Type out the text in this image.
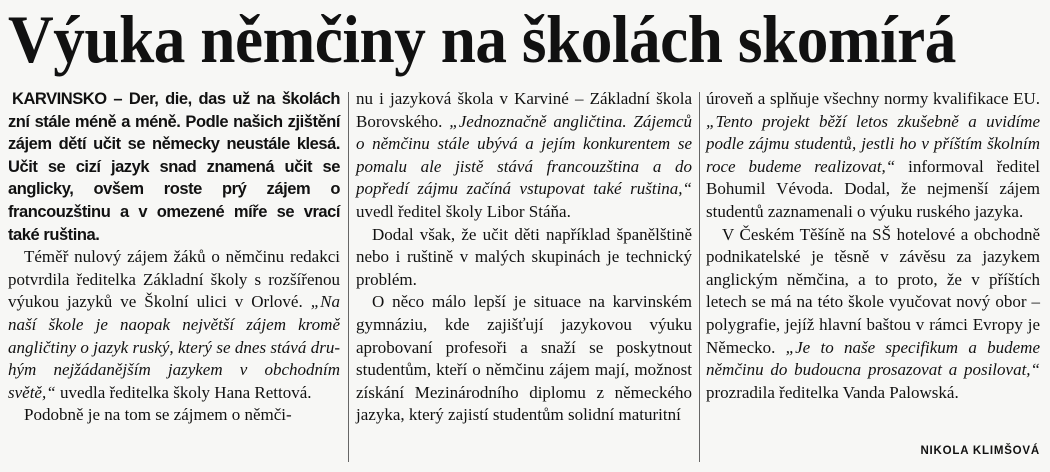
Výuka němčiny na školách skomírá

KARVINSKO – Der, die, das už na školách zní stále méně a méně. Podle našich zjištění zájem dětí učit se německy neustále klesá. Učit se cizí jazyk snad znamená učit se anglicky, ovšem roste prý zájem o francouzštinu a v omezené míře se vrací také ruština.

Téměř nulový zájem žáků o němčinu redakci potvrdila ředitelka Základní školy s rozšířenou výukou jazyků ve Školní ulici v Orlové. „Na naší škole je naopak největší zájem kromě angličtiny o jazyk ruský, který se dnes stává druhým nejžádanějším jazykem v obchodním světě,“ uvedla ředitelka školy Hana Rettová.

Podobně je na tom se zájmem o němči-

nu i jazyková škola v Karviné – Základní škola Borovského. „Jednoznačně angličtina. Zájemců o němčinu stále ubývá a jejím konkurentem se pomalu ale jistě stává francouzština a do popředí zájmu začíná vstupovat také ruština,“ uvedl ředitel školy Libor Stáňa.

Dodal však, že učit děti například španělštině nebo i ruštině v malých skupinách je technický problém.

O něco málo lepší je situace na karvinském gymnáziu, kde zajišťují jazykovou výuku aprobovaní profesoři a snaží se poskytnout studentům, kteří o němčinu zájem mají, možnost získání Mezinárodního diplomu z německého jazyka, který zajistí studentům solidní maturitní

úroveň a splňuje všechny normy kvalifikace EU. „Tento projekt běží letos zkušebně a uvidíme podle zájmu studentů, jestli ho v příštím školním roce budeme realizovat,“ informoval ředitel Bohumil Vévoda. Dodal, že nejmenší zájem studentů zaznamenali o výuku ruského jazyka.

V Českém Těšíně na SŠ hotelové a obchodně podnikatelské je těsně v závěsu za jazykem anglickým němčina, a to proto, že v příštích letech se má na této škole vyučovat nový obor – polygrafie, jejíž hlavní baštou v rámci Evropy je Německo. „Je to naše specifikum a budeme němčinu do budoucna prosazovat a posilovat,“ prozradila ředitelka Vanda Palowská.

NIKOLA KLIMŠOVÁ
